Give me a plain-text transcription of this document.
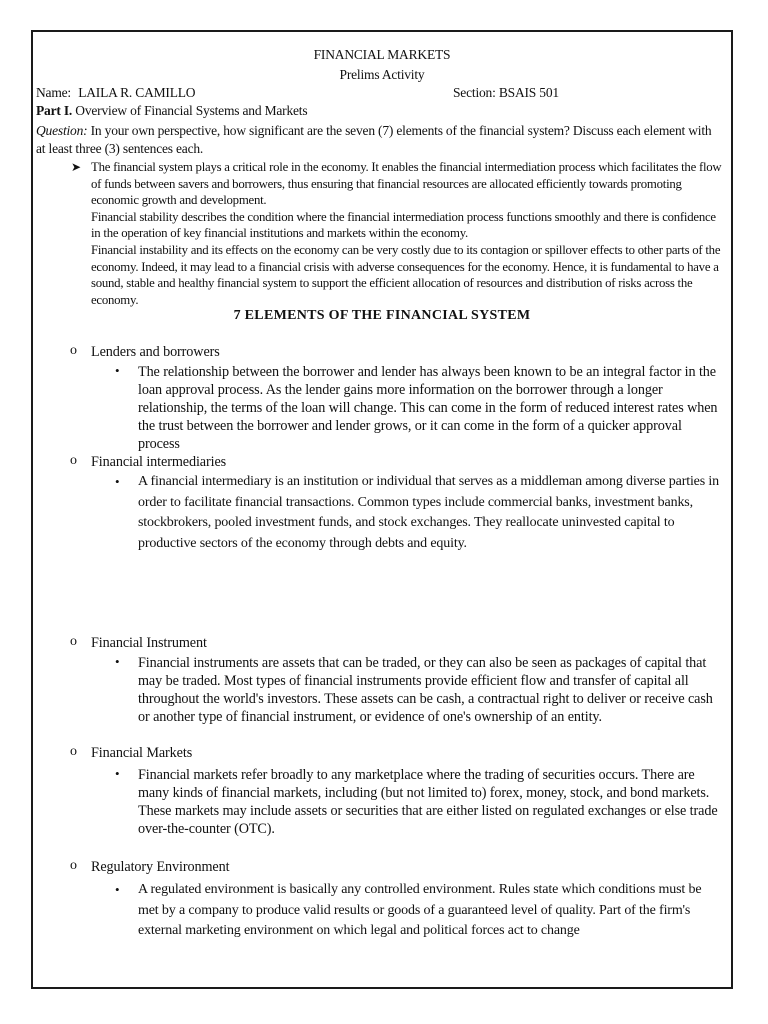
FINANCIAL MARKETS
Prelims Activity
Name: LAILA R. CAMILLO	Section: BSAIS 501
Part I. Overview of Financial Systems and Markets
Question: In your own perspective, how significant are the seven (7) elements of the financial system? Discuss each element with at least three (3) sentences each.
➤ The financial system plays a critical role in the economy. It enables the financial intermediation process which facilitates the flow of funds between savers and borrowers, thus ensuring that financial resources are allocated efficiently towards promoting economic growth and development.

Financial stability describes the condition where the financial intermediation process functions smoothly and there is confidence in the operation of key financial institutions and markets within the economy.

Financial instability and its effects on the economy can be very costly due to its contagion or spillover effects to other parts of the economy. Indeed, it may lead to a financial crisis with adverse consequences for the economy. Hence, it is fundamental to have a sound, stable and healthy financial system to support the efficient allocation of resources and distribution of risks across the economy.

7 ELEMENTS OF THE FINANCIAL SYSTEM
o Lenders and borrowers
• The relationship between the borrower and lender has always been known to be an integral factor in the loan approval process. As the lender gains more information on the borrower through a longer relationship, the terms of the loan will change. This can come in the form of reduced interest rates when the trust between the borrower and lender grows, or it can come in the form of a quicker approval process
o Financial intermediaries
• A financial intermediary is an institution or individual that serves as a middleman among diverse parties in order to facilitate financial transactions. Common types include commercial banks, investment banks, stockbrokers, pooled investment funds, and stock exchanges. They reallocate uninvested capital to productive sectors of the economy through debts and equity.
o Financial Instrument
• Financial instruments are assets that can be traded, or they can also be seen as packages of capital that may be traded. Most types of financial instruments provide efficient flow and transfer of capital all throughout the world's investors. These assets can be cash, a contractual right to deliver or receive cash or another type of financial instrument, or evidence of one's ownership of an entity.
o Financial Markets
• Financial markets refer broadly to any marketplace where the trading of securities occurs. There are many kinds of financial markets, including (but not limited to) forex, money, stock, and bond markets. These markets may include assets or securities that are either listed on regulated exchanges or else trade over-the-counter (OTC).
o Regulatory Environment
• A regulated environment is basically any controlled environment. Rules state which conditions must be met by a company to produce valid results or goods of a guaranteed level of quality. Part of the firm's external marketing environment on which legal and political forces act to change
